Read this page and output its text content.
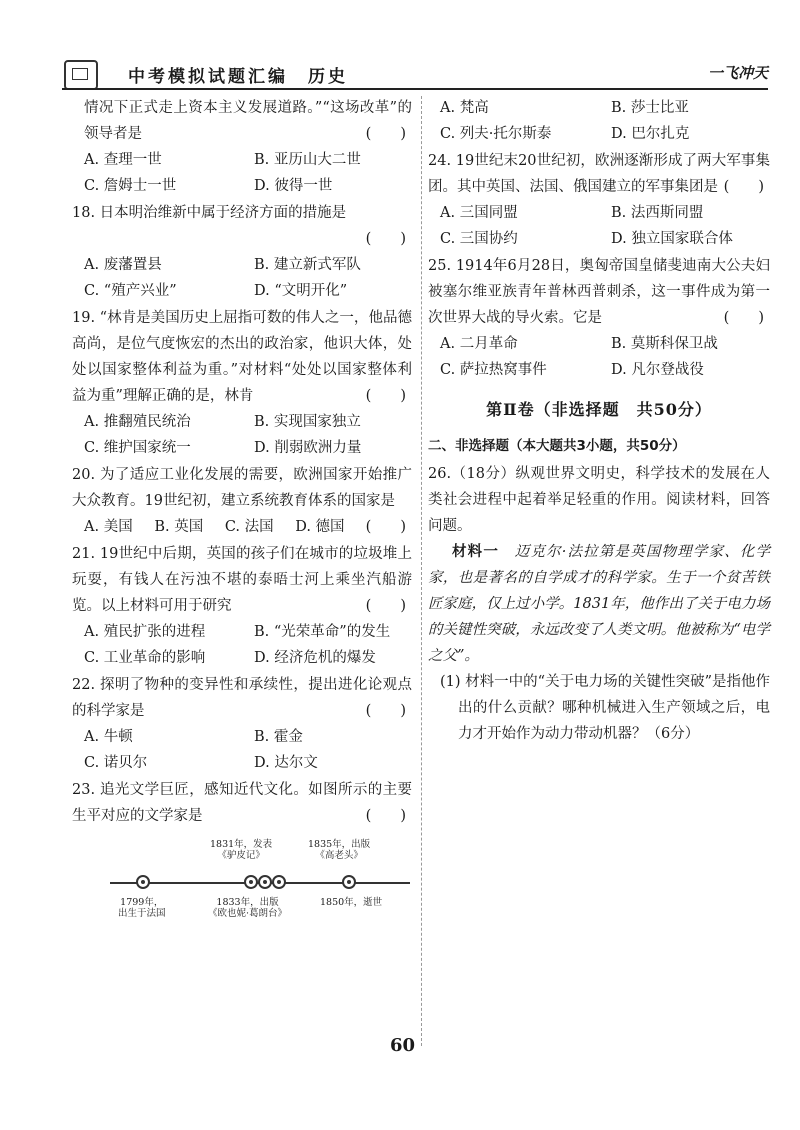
中考模拟试题汇编　历史	一飞冲天
情况下正式走上资本主义发展道路。”“这场改革”的领导者是	(　　)
A. 查理一世	B. 亚历山大二世
C. 詹姆士一世	D. 彼得一世
18. 日本明治维新中属于经济方面的措施是
(　　)
A. 废藩置县	B. 建立新式军队
C. “殖产兴业”	D. “文明开化”
19. “林肯是美国历史上屈指可数的伟人之一，他品德高尚，是位气度恢宏的杰出的政治家，他识大体，处处以国家整体利益为重。”对材料“处处以国家整体利益为重”理解正确的是，林肯	(　　)
A. 推翻殖民统治	B. 实现国家独立
C. 维护国家统一	D. 削弱欧洲力量
20. 为了适应工业化发展的需要，欧洲国家开始推广大众教育。19世纪初，建立系统教育体系的国家是
(　　)
A. 美国	B. 英国	C. 法国	D. 德国
21. 19世纪中后期，英国的孩子们在城市的垃圾堆上玩耍，有钱人在污浊不堪的泰晤士河上乘坐汽船游览。以上材料可用于研究	(　　)
A. 殖民扩张的进程	B. “光荣革命”的发生
C. 工业革命的影响	D. 经济危机的爆发
22. 探明了物种的变异性和承续性，提出进化论观点的科学家是	(　　)
A. 牛顿	B. 霍金
C. 诺贝尔	D. 达尔文
23. 追光文学巨匠，感知近代文化。如图所示的主要生平对应的文学家是	(　　)
1831年，发表
《驴皮记》
1835年，出版
《高老头》
1799年，
出生于法国
1833年，出版
《欧也妮·葛朗台》
1850年，逝世
A. 梵高	B. 莎士比亚
C. 列夫·托尔斯泰	D. 巴尔扎克
24. 19世纪末20世纪初，欧洲逐渐形成了两大军事集团。其中英国、法国、俄国建立的军事集团是 (　　)
A. 三国同盟	B. 法西斯同盟
C. 三国协约	D. 独立国家联合体
25. 1914年6月28日，奥匈帝国皇储斐迪南大公夫妇被塞尔维亚族青年普林西普刺杀，这一事件成为第一次世界大战的导火索。它是	(　　)
A. 二月革命	B. 莫斯科保卫战
C. 萨拉热窝事件	D. 凡尔登战役
第Ⅱ卷（非选择题　共50分）
二、非选择题（本大题共3小题，共50分）
26.（18分）纵观世界文明史，科学技术的发展在人类社会进程中起着举足轻重的作用。阅读材料，回答问题。
材料一　 迈克尔·法拉第是英国物理学家、化学家，也是著名的自学成才的科学家。生于一个贫苦铁匠家庭，仅上过小学。1831年，他作出了关于电力场的关键性突破，永远改变了人类文明。他被称为“电学之父”。
(1) 材料一中的“关于电力场的关键性突破”是指他作出的什么贡献？哪种机械进入生产领域之后，电力才开始作为动力带动机器？（6分）
60
